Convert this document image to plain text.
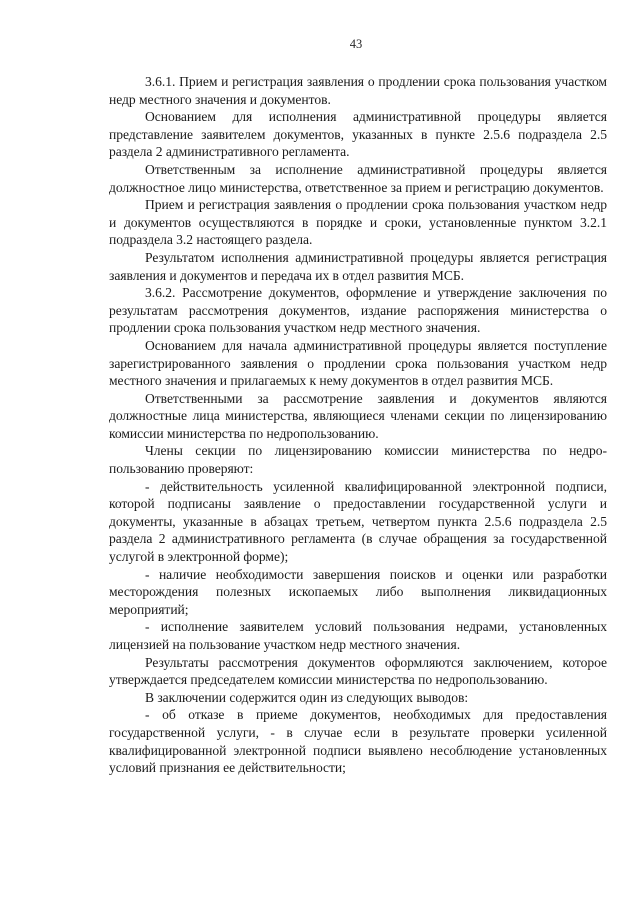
43

3.6.1. Прием и регистрация заявления о продлении срока пользования участком недр местного значения и документов.

Основанием для исполнения административной процедуры является представление заявителем документов, указанных в пункте 2.5.6 подраздела 2.5 раздела 2 административного регламента.

Ответственным за исполнение административной процедуры является должностное лицо министерства, ответственное за прием и регистрацию документов.

Прием и регистрация заявления о продлении срока пользования участком недр и документов осуществляются в порядке и сроки, установленные пунктом 3.2.1 подраздела 3.2 настоящего раздела.

Результатом исполнения административной процедуры является регистрация заявления и документов и передача их в отдел развития МСБ.

3.6.2. Рассмотрение документов, оформление и утверждение заключения по результатам рассмотрения документов, издание распоряжения министерства о продлении срока пользования участком недр местного значения.

Основанием для начала административной процедуры является поступление зарегистрированного заявления о продлении срока пользования участком недр местного значения и прилагаемых к нему документов в отдел развития МСБ.

Ответственными за рассмотрение заявления и документов являются должностные лица министерства, являющиеся членами секции по лицензированию комиссии министерства по недропользованию.

Члены секции по лицензированию комиссии министерства по недропользованию проверяют:

- действительность усиленной квалифицированной электронной подписи, которой подписаны заявление о предоставлении государственной услуги и документы, указанные в абзацах третьем, четвертом пункта 2.5.6 подраздела 2.5 раздела 2 административного регламента (в случае обращения за государственной услугой в электронной форме);

- наличие необходимости завершения поисков и оценки или разработки месторождения полезных ископаемых либо выполнения ликвидационных мероприятий;

- исполнение заявителем условий пользования недрами, установленных лицензией на пользование участком недр местного значения.

Результаты рассмотрения документов оформляются заключением, которое утверждается председателем комиссии министерства по недропользованию.

В заключении содержится один из следующих выводов:

- об отказе в приеме документов, необходимых для предоставления государственной услуги, - в случае если в результате проверки усиленной квалифицированной электронной подписи выявлено несоблюдение установленных условий признания ее действительности;
